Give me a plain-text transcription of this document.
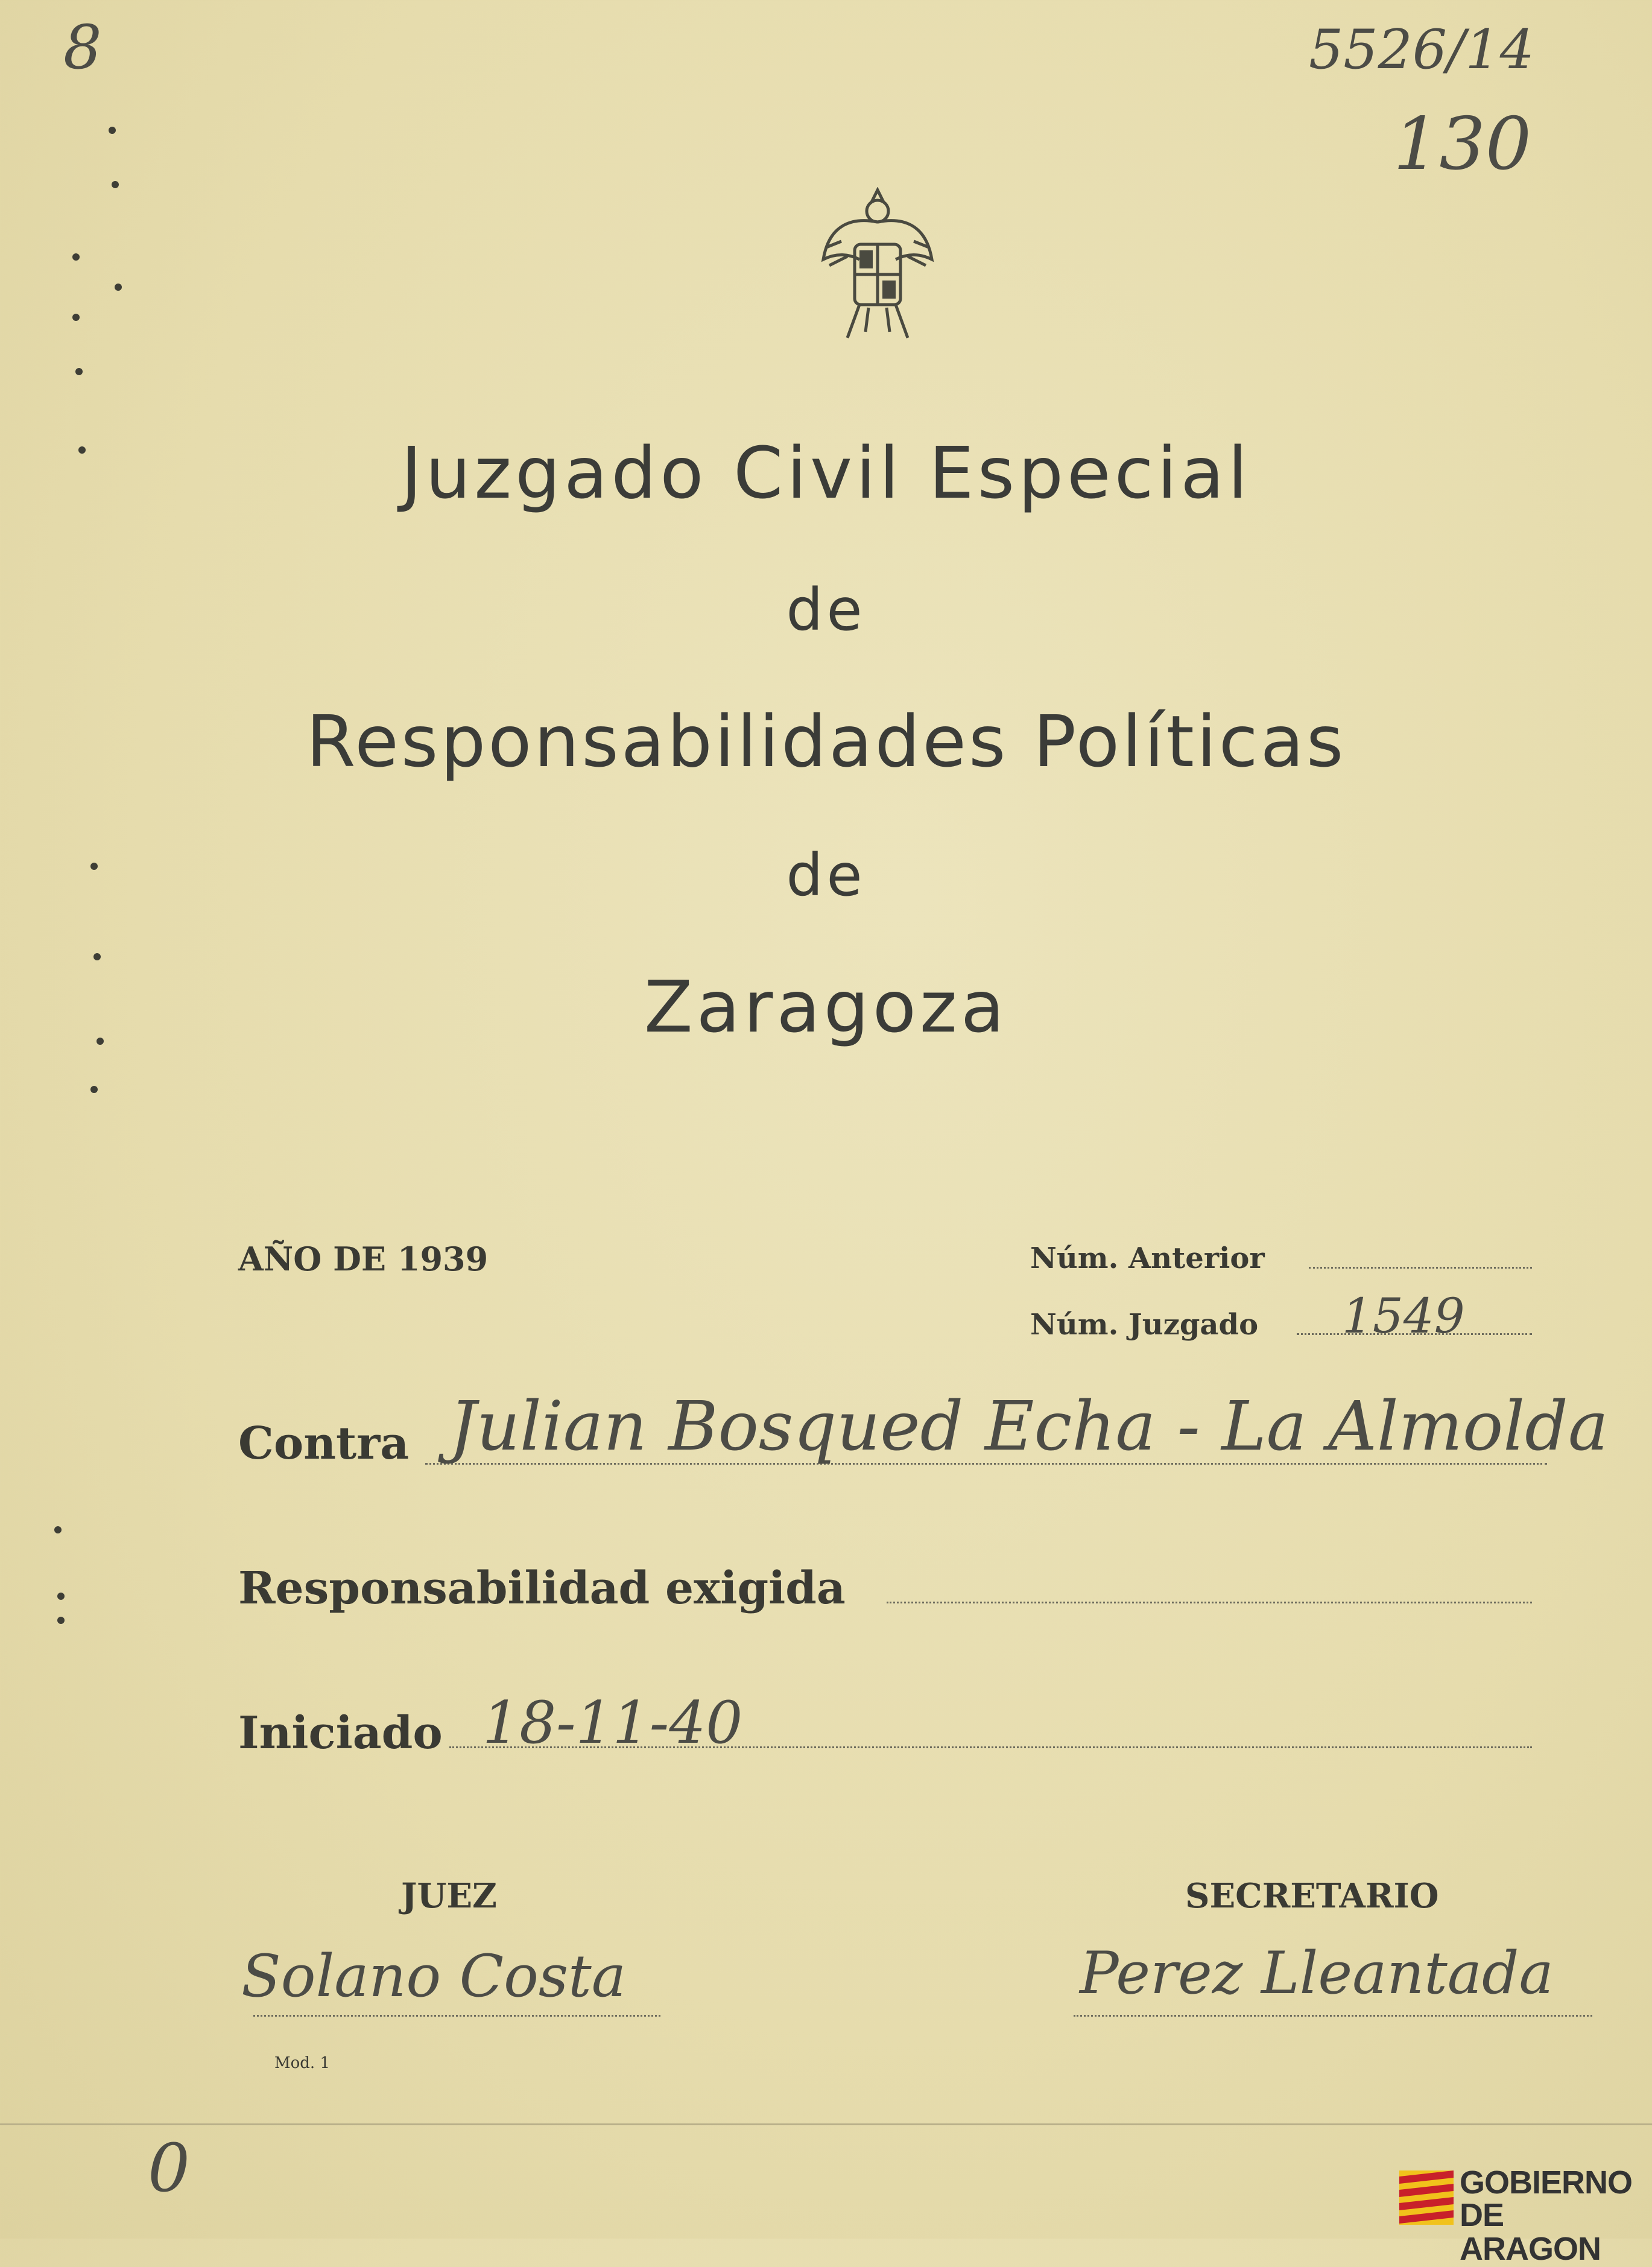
8	5526/14
130
Juzgado Civil Especial
de
Responsabilidades Políticas
de
Zaragoza
AÑO DE 1939	Núm. Anterior
Núm. Juzgado 1549
Contra Julian Bosqued Echa - La Almolda
Responsabilidad exigida
Iniciado 18-11-40
JUEZ	SECRETARIO
Solano Costa	Perez Lleantada
Mod. 1
0	GOBIERNO
DE ARAGON
